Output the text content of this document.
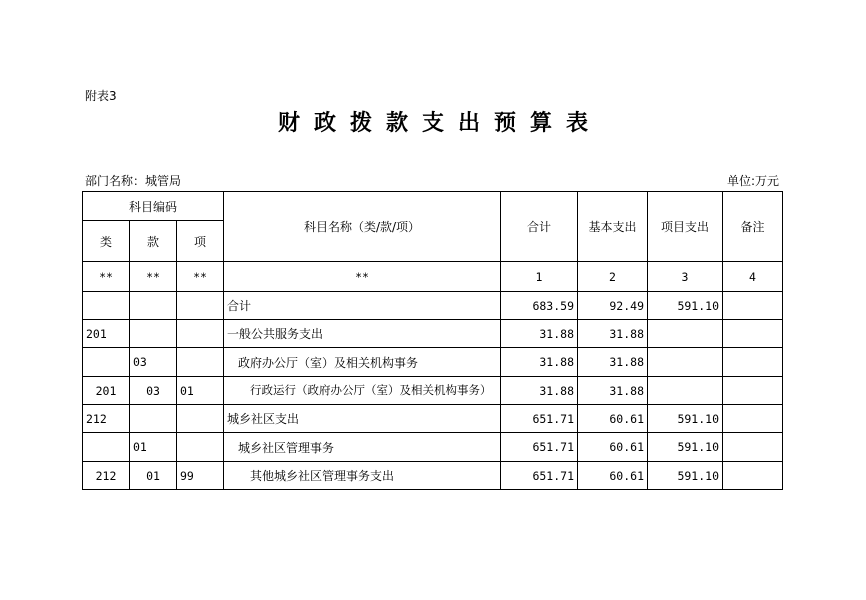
附表3
财政拨款支出预算表
部门名称：城管局	单位:万元
科目编码			科目名称（类/款/项）	合计	基本支出	项目支出	备注
类	款	项					
**	**	**	**	1	2	3	4
			合计	683.59	92.49	591.10	
201			一般公共服务支出	31.88	31.88		
	03		政府办公厅（室）及相关机构事务	31.88	31.88		
201	03	01	行政运行（政府办公厅（室）及相关机构事务）	31.88	31.88		
212			城乡社区支出	651.71	60.61	591.10	
	01		城乡社区管理事务	651.71	60.61	591.10	
212	01	99	其他城乡社区管理事务支出	651.71	60.61	591.10	
